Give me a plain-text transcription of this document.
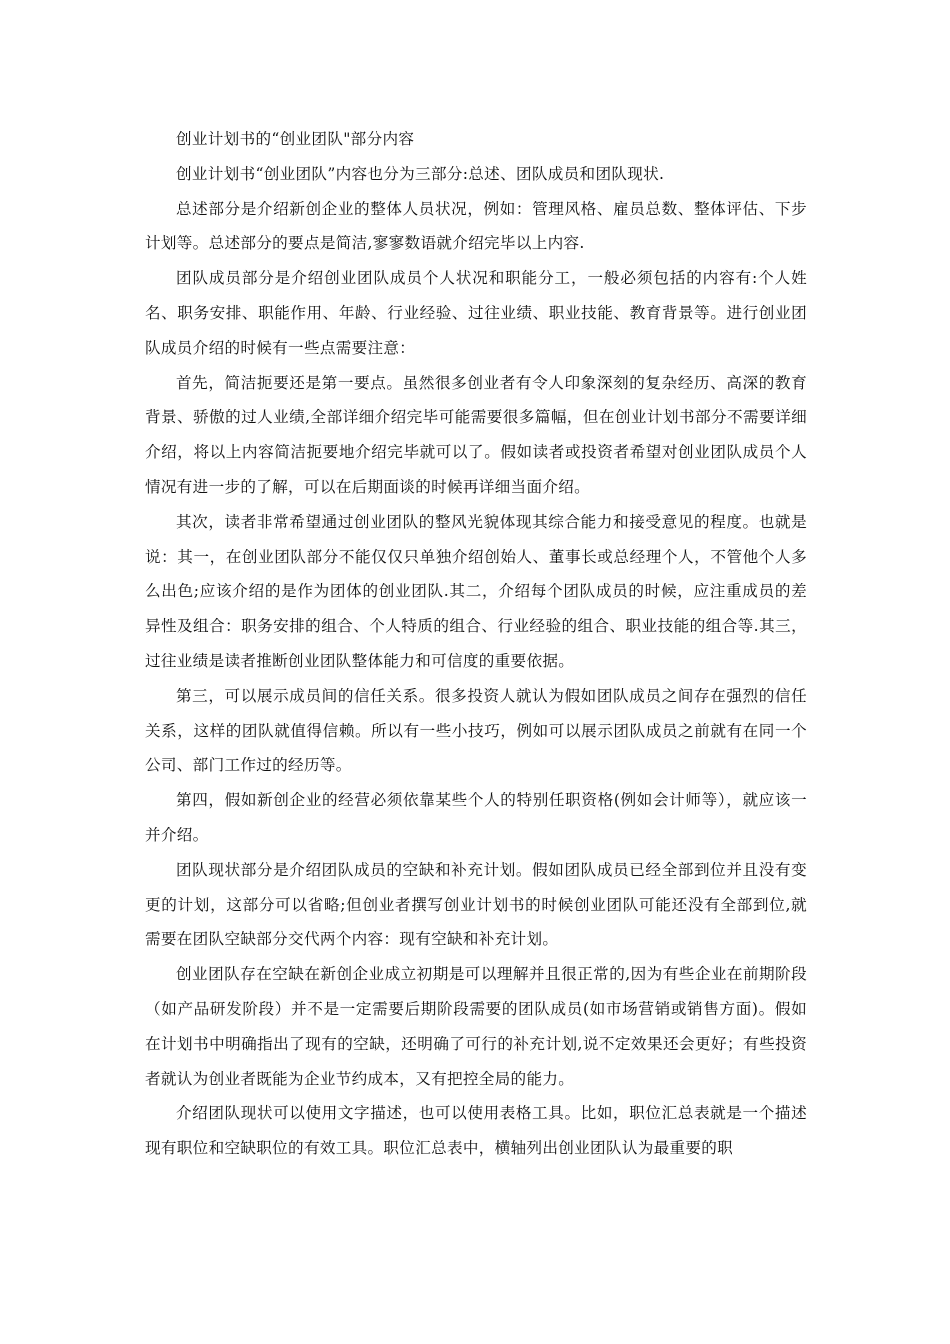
创业计划书的“创业团队"部分内容

创业计划书“创业团队”内容也分为三部分:总述、团队成员和团队现状.

总述部分是介绍新创企业的整体人员状况，例如：管理风格、雇员总数、整体评估、下步计划等。总述部分的要点是简洁,寥寥数语就介绍完毕以上内容.

团队成员部分是介绍创业团队成员个人状况和职能分工，一般必须包括的内容有:个人姓名、职务安排、职能作用、年龄、行业经验、过往业绩、职业技能、教育背景等。进行创业团队成员介绍的时候有一些点需要注意：

首先，简洁扼要还是第一要点。虽然很多创业者有令人印象深刻的复杂经历、高深的教育背景、骄傲的过人业绩,全部详细介绍完毕可能需要很多篇幅，但在创业计划书部分不需要详细介绍，将以上内容简洁扼要地介绍完毕就可以了。假如读者或投资者希望对创业团队成员个人情况有进一步的了解，可以在后期面谈的时候再详细当面介绍。

其次，读者非常希望通过创业团队的整风光貌体现其综合能力和接受意见的程度。也就是说：其一，在创业团队部分不能仅仅只单独介绍创始人、董事长或总经理个人，不管他个人多么出色;应该介绍的是作为团体的创业团队.其二，介绍每个团队成员的时候，应注重成员的差异性及组合：职务安排的组合、个人特质的组合、行业经验的组合、职业技能的组合等.其三，过往业绩是读者推断创业团队整体能力和可信度的重要依据。

第三，可以展示成员间的信任关系。很多投资人就认为假如团队成员之间存在强烈的信任关系，这样的团队就值得信赖。所以有一些小技巧，例如可以展示团队成员之前就有在同一个公司、部门工作过的经历等。

第四，假如新创企业的经营必须依靠某些个人的特别任职资格(例如会计师等），就应该一并介绍。

团队现状部分是介绍团队成员的空缺和补充计划。假如团队成员已经全部到位并且没有变更的计划，这部分可以省略;但创业者撰写创业计划书的时候创业团队可能还没有全部到位,就需要在团队空缺部分交代两个内容：现有空缺和补充计划。

创业团队存在空缺在新创企业成立初期是可以理解并且很正常的,因为有些企业在前期阶段（如产品研发阶段）并不是一定需要后期阶段需要的团队成员(如市场营销或销售方面)。假如在计划书中明确指出了现有的空缺，还明确了可行的补充计划,说不定效果还会更好；有些投资者就认为创业者既能为企业节约成本，又有把控全局的能力。

介绍团队现状可以使用文字描述，也可以使用表格工具。比如，职位汇总表就是一个描述现有职位和空缺职位的有效工具。职位汇总表中，横轴列出创业团队认为最重要的职
